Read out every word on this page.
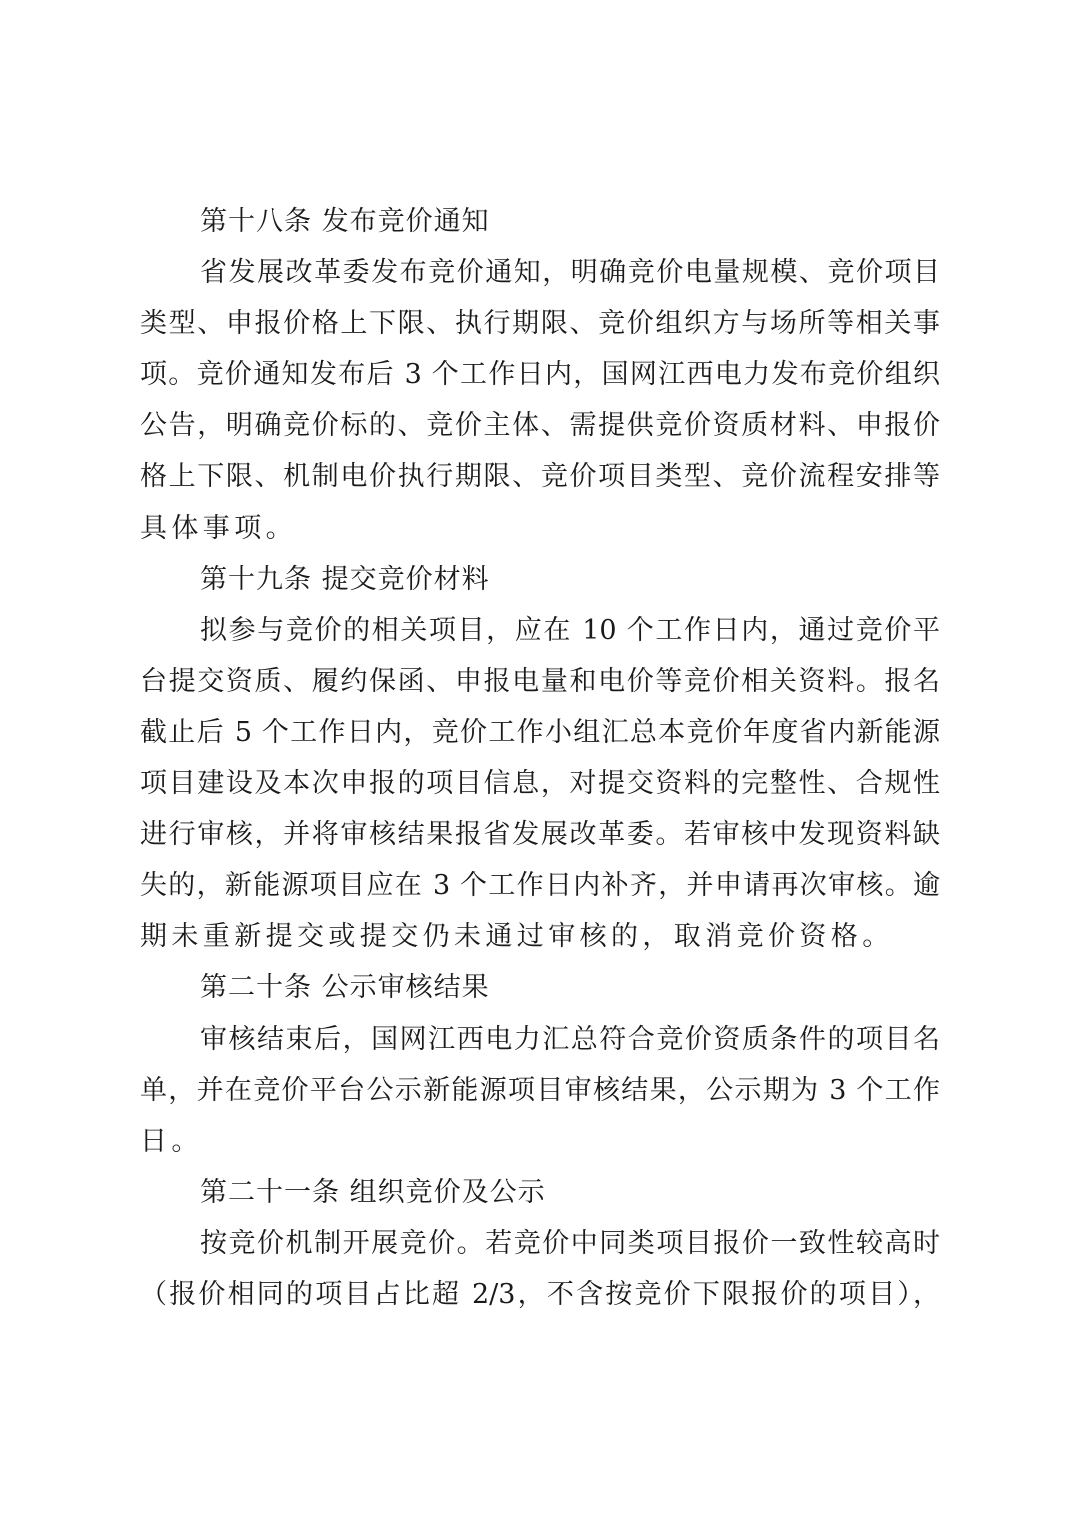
第十八条 发布竞价通知
省发展改革委发布竞价通知，明确竞价电量规模、竞价项目
类型、申报价格上下限、执行期限、竞价组织方与场所等相关事
项。竞价通知发布后 3 个工作日内，国网江西电力发布竞价组织
公告，明确竞价标的、竞价主体、需提供竞价资质材料、申报价
格上下限、机制电价执行期限、竞价项目类型、竞价流程安排等
具体事项。
第十九条 提交竞价材料
拟参与竞价的相关项目，应在 10 个工作日内，通过竞价平
台提交资质、履约保函、申报电量和电价等竞价相关资料。报名
截止后 5 个工作日内，竞价工作小组汇总本竞价年度省内新能源
项目建设及本次申报的项目信息，对提交资料的完整性、合规性
进行审核，并将审核结果报省发展改革委。若审核中发现资料缺
失的，新能源项目应在 3 个工作日内补齐，并申请再次审核。逾
期未重新提交或提交仍未通过审核的，取消竞价资格。
第二十条 公示审核结果
审核结束后，国网江西电力汇总符合竞价资质条件的项目名
单，并在竞价平台公示新能源项目审核结果，公示期为 3 个工作
日。
第二十一条 组织竞价及公示
按竞价机制开展竞价。若竞价中同类项目报价一致性较高时
（报价相同的项目占比超 2/3，不含按竞价下限报价的项目），
